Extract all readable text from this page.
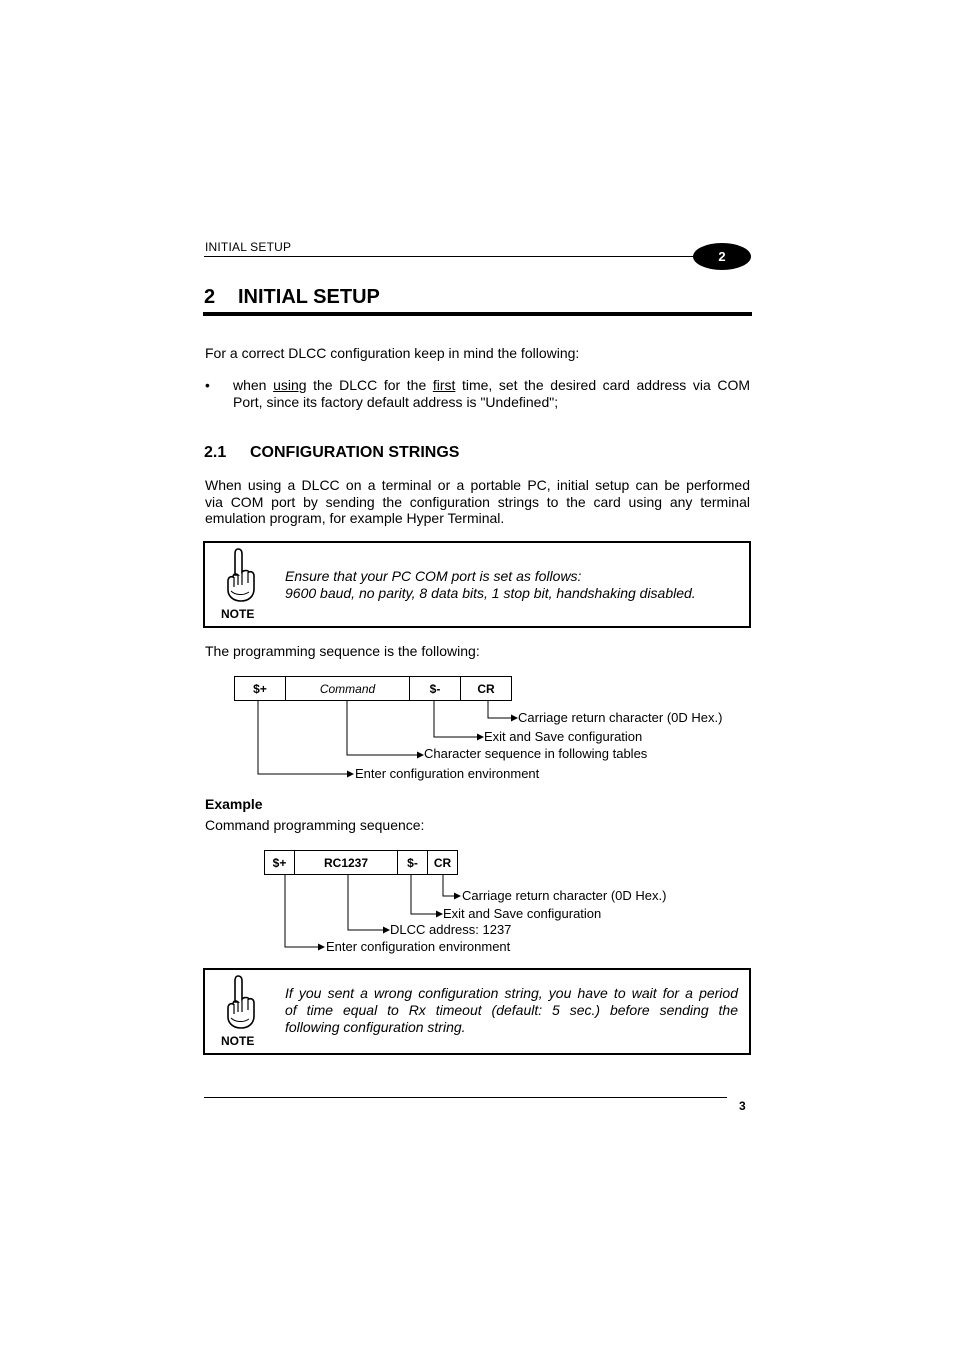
INITIAL SETUP
2
2 INITIAL SETUP
For a correct DLCC configuration keep in mind the following:
•	when using the DLCC for the first time, set the desired card address via COM
Port, since its factory default address is "Undefined";
2.1 CONFIGURATION STRINGS
When using a DLCC on a terminal or a portable PC, initial setup can be performed
via COM port by sending the configuration strings to the card using any terminal
emulation program, for example Hyper Terminal.
NOTE
Ensure that your PC COM port is set as follows:
9600 baud, no parity, 8 data bits, 1 stop bit, handshaking disabled.
The programming sequence is the following:
$+	Command	$-	CR
Carriage return character (0D Hex.)
Exit and Save configuration
Character sequence in following tables
Enter configuration environment
Example
Command programming sequence:
$+	RC1237	$-	CR
Carriage return character (0D Hex.)
Exit and Save configuration
DLCC address: 1237
Enter configuration environment
NOTE
If you sent a wrong configuration string, you have to wait for a period
of time equal to Rx timeout (default: 5 sec.) before sending the
following configuration string.
3
